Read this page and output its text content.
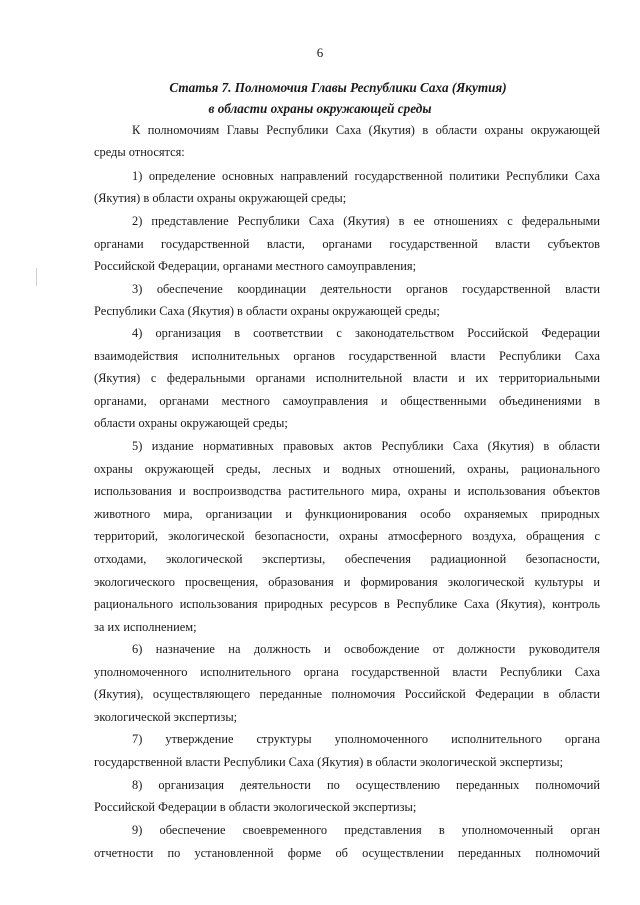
6
Статья 7. Полномочия Главы Республики Саха (Якутия)
в области охраны окружающей среды
К полномочиям Главы Республики Саха (Якутия) в области охраны окружающей
среды относятся:
1) определение основных направлений государственной политики Республики Саха
(Якутия) в области охраны окружающей среды;
2) представление Республики Саха (Якутия) в ее отношениях с федеральными
органами государственной власти, органами государственной власти субъектов
Российской Федерации, органами местного самоуправления;
3) обеспечение координации деятельности органов государственной власти
Республики Саха (Якутия) в области охраны окружающей среды;
4) организация в соответствии с законодательством Российской Федерации
взаимодействия исполнительных органов государственной власти Республики Саха
(Якутия) с федеральными органами исполнительной власти и их территориальными
органами, органами местного самоуправления и общественными объединениями в
области охраны окружающей среды;
5) издание нормативных правовых актов Республики Саха (Якутия) в области
охраны окружающей среды, лесных и водных отношений, охраны, рационального
использования и воспроизводства растительного мира, охраны и использования объектов
животного мира, организации и функционирования особо охраняемых природных
территорий, экологической безопасности, охраны атмосферного воздуха, обращения с
отходами, экологической экспертизы, обеспечения радиационной безопасности,
экологического просвещения, образования и формирования экологической культуры и
рационального использования природных ресурсов в Республике Саха (Якутия), контроль
за их исполнением;
6) назначение на должность и освобождение от должности руководителя
уполномоченного исполнительного органа государственной власти Республики Саха
(Якутия), осуществляющего переданные полномочия Российской Федерации в области
экологической экспертизы;
7) утверждение структуры уполномоченного исполнительного органа
государственной власти Республики Саха (Якутия) в области экологической экспертизы;
8) организация деятельности по осуществлению переданных полномочий
Российской Федерации в области экологической экспертизы;
9) обеспечение своевременного представления в уполномоченный орган
отчетности по установленной форме об осуществлении переданных полномочий
